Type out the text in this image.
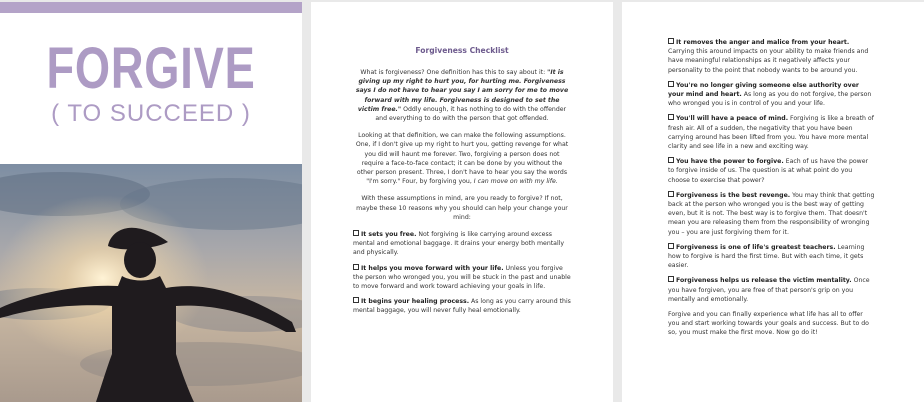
FORGIVE
( TO SUCCEED )
Forgiveness Checklist

What is forgiveness? One definition has this to say about it: "It is giving up my right to hurt you, for hurting me. Forgiveness says I do not have to hear you say I am sorry for me to move forward with my life. Forgiveness is designed to set the victim free." Oddly enough, it has nothing to do with the offender and everything to do with the person that got offended.

Looking at that definition, we can make the following assumptions. One, if I don't give up my right to hurt you, getting revenge for what you did will haunt me forever. Two, forgiving a person does not require a face-to-face contact; it can be done by you without the other person present. Three, I don't have to hear you say the words "I'm sorry." Four, by forgiving you, I can move on with my life.

With these assumptions in mind, are you ready to forgive? If not, maybe these 10 reasons why you should can help your change your mind:

It sets you free. Not forgiving is like carrying around excess mental and emotional baggage. It drains your energy both mentally and physically.
It helps you move forward with your life. Unless you forgive the person who wronged you, you will be stuck in the past and unable to move forward and work toward achieving your goals in life.
It begins your healing process. As long as you carry around this mental baggage, you will never fully heal emotionally.
It removes the anger and malice from your heart. Carrying this around impacts on your ability to make friends and have meaningful relationships as it negatively affects your personality to the point that nobody wants to be around you.
You're no longer giving someone else authority over your mind and heart. As long as you do not forgive, the person who wronged you is in control of you and your life.
You'll will have a peace of mind. Forgiving is like a breath of fresh air. All of a sudden, the negativity that you have been carrying around has been lifted from you. You have more mental clarity and see life in a new and exciting way.
You have the power to forgive. Each of us have the power to forgive inside of us. The question is at what point do you choose to exercise that power?
Forgiveness is the best revenge. You may think that getting back at the person who wronged you is the best way of getting even, but it is not. The best way is to forgive them. That doesn't mean you are releasing them from the responsibility of wronging you – you are just forgiving them for it.
Forgiveness is one of life's greatest teachers. Learning how to forgive is hard the first time. But with each time, it gets easier.
Forgiveness helps us release the victim mentality. Once you have forgiven, you are free of that person's grip on you mentally and emotionally.

Forgive and you can finally experience what life has all to offer you and start working towards your goals and success. But to do so, you must make the first move. Now go do it!
